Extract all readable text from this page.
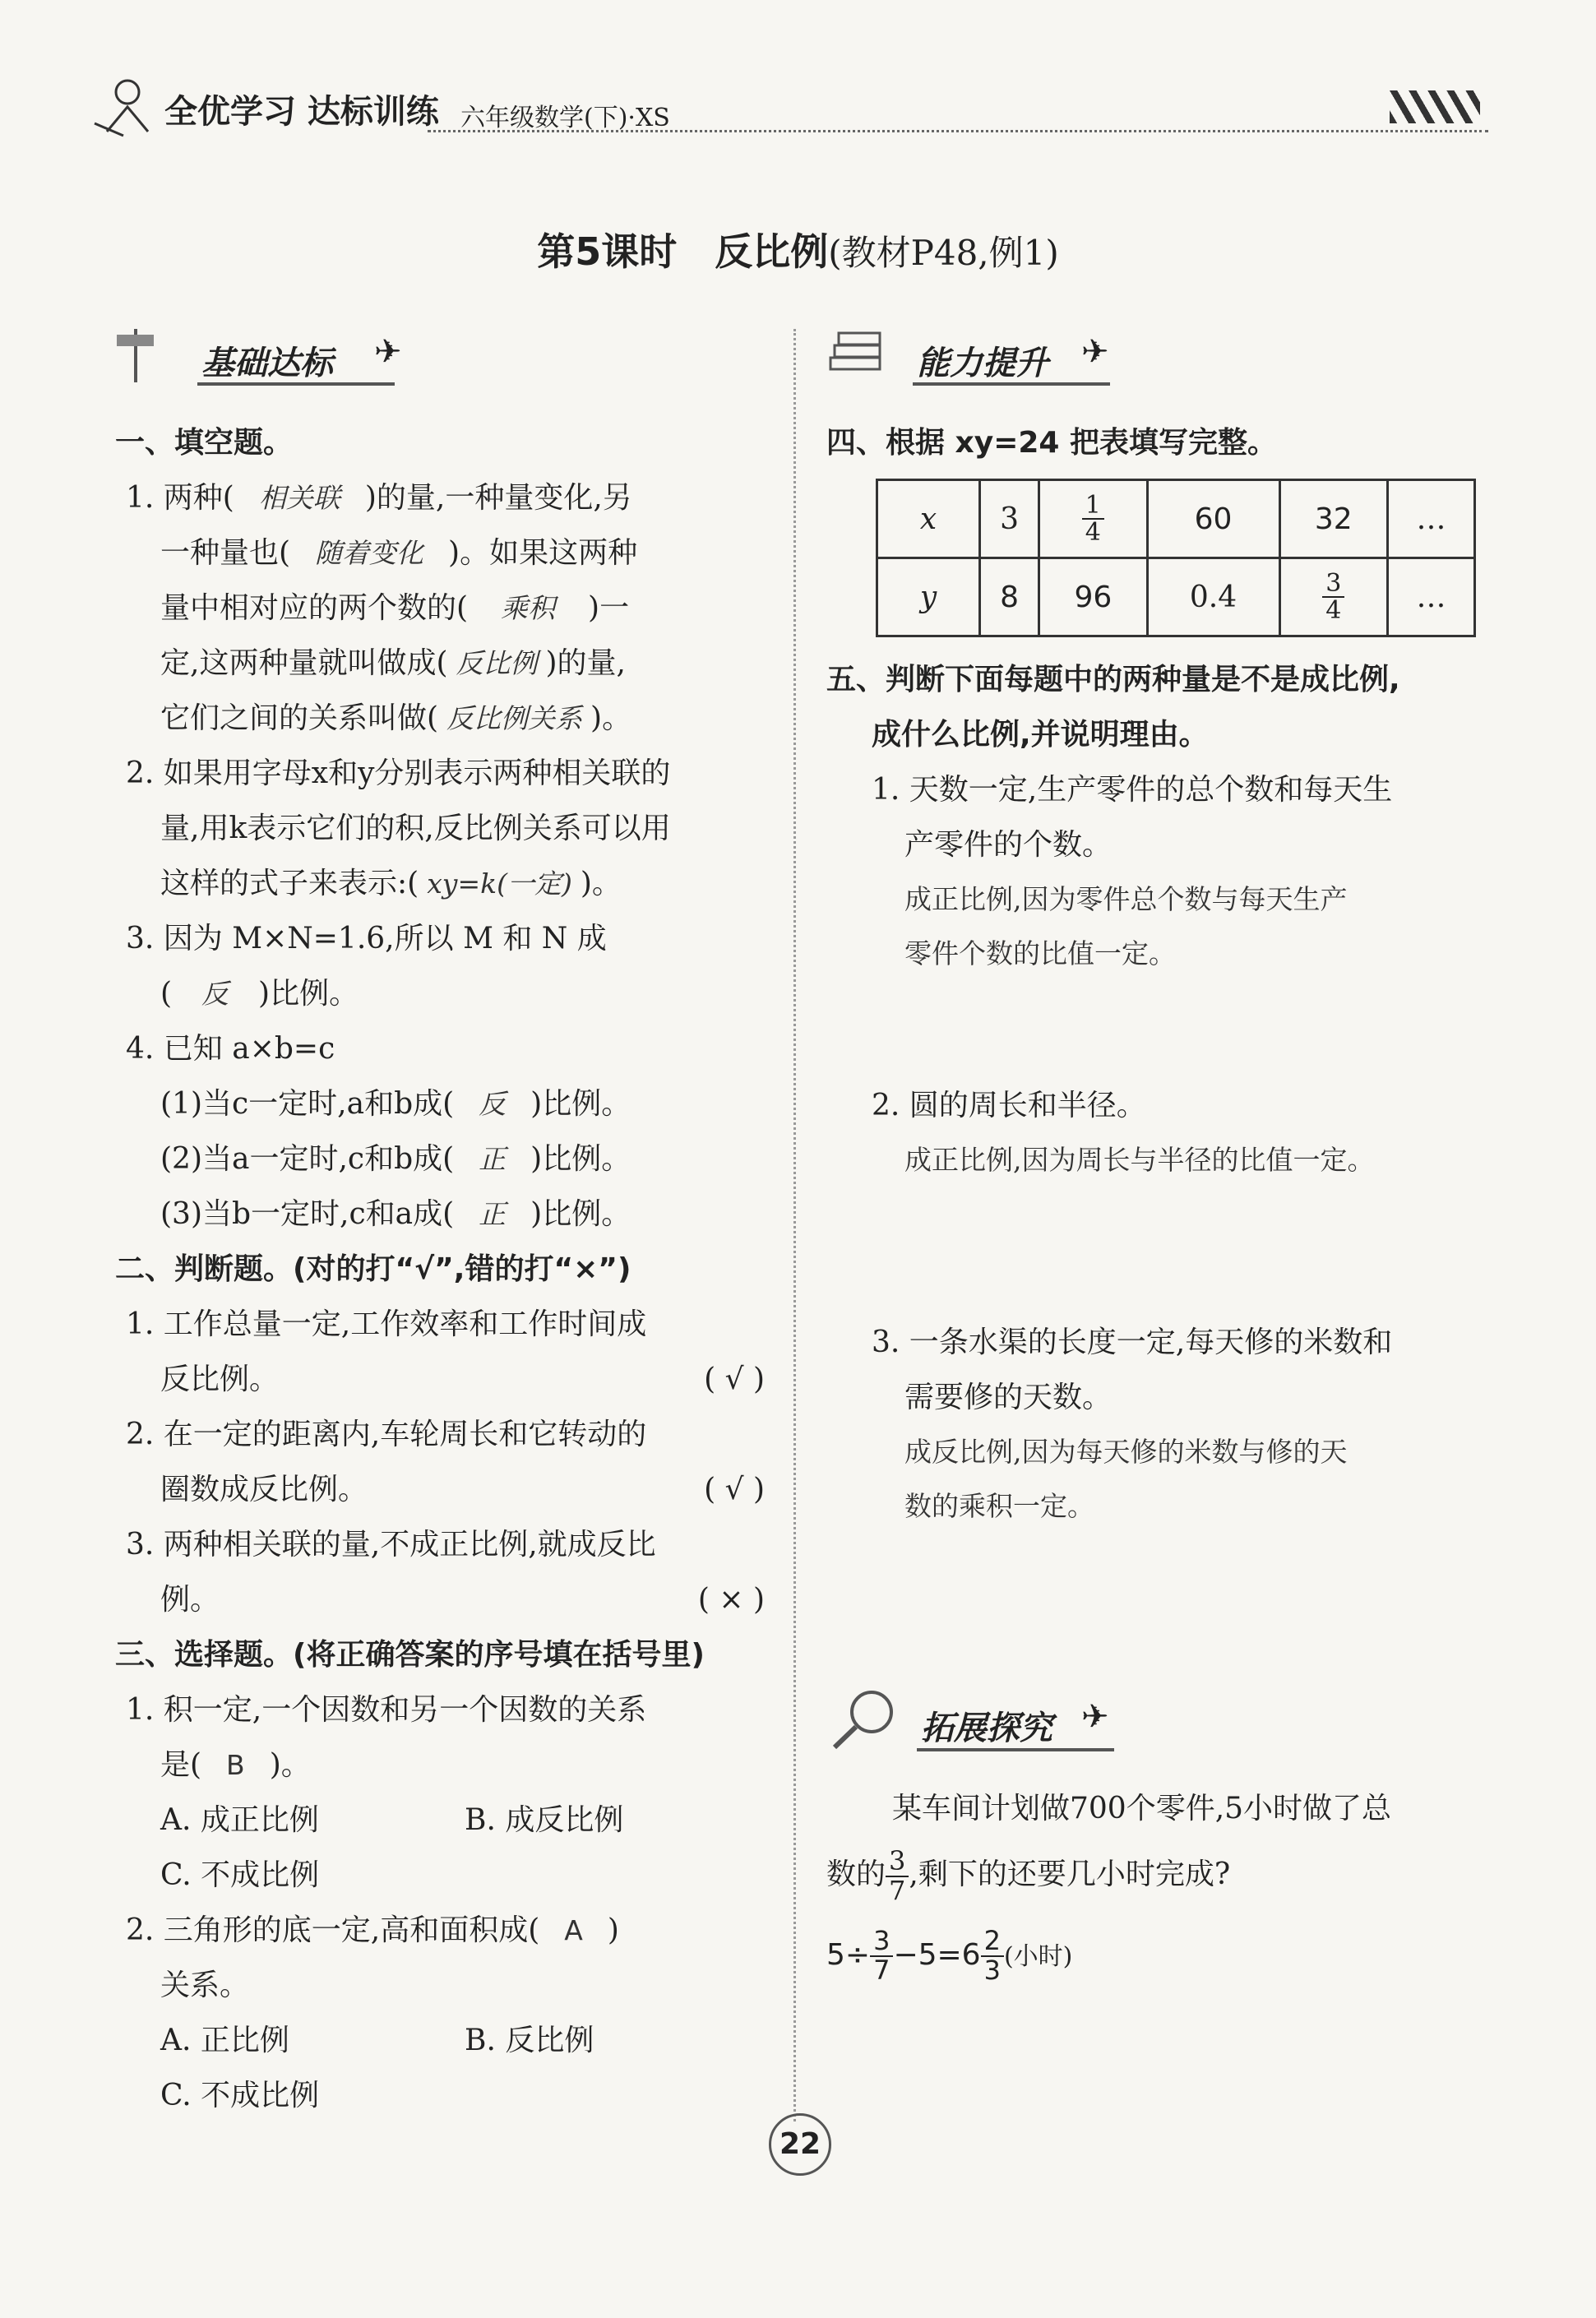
全优学习 达标训练 六年级数学(下)·XS
第5课时　反比例(教材P48,例1)
基础达标 ✈
一、填空题。
1. 两种( 相关联 )的量,一种量变化,另
一种量也( 随着变化 )。如果这两种
量中相对应的两个数的( 乘积 )一
定,这两种量就叫做成( 反比例 )的量,
它们之间的关系叫做( 反比例关系 )。
2. 如果用字母x和y分别表示两种相关联的
量,用k表示它们的积,反比例关系可以用
这样的式子来表示:( xy=k(一定) )。
3. 因为 M×N=1.6,所以 M 和 N 成
( 反 )比例。
4. 已知 a×b=c
(1)当c一定时,a和b成( 反 )比例。
(2)当a一定时,c和b成( 正 )比例。
(3)当b一定时,c和a成( 正 )比例。
二、判断题。(对的打“√”,错的打“×”)
1. 工作总量一定,工作效率和工作时间成
反比例。	( √ )
2. 在一定的距离内,车轮周长和它转动的
圈数成反比例。	( √ )
3. 两种相关联的量,不成正比例,就成反比
例。	( × )
三、选择题。(将正确答案的序号填在括号里)
1. 积一定,一个因数和另一个因数的关系
是( B )。
A. 成正比例	B. 成反比例
C. 不成比例
2. 三角形的底一定,高和面积成( A )
关系。
A. 正比例	B. 反比例
C. 不成比例
能力提升 ✈
四、根据 xy=24 把表填写完整。
x	3	$\frac{1}{4}$	60	32	…
y	8	96	0.4	$\frac{3}{4}$	…
五、判断下面每题中的两种量是不是成比例,
成什么比例,并说明理由。
1. 天数一定,生产零件的总个数和每天生
产零件的个数。
成正比例,因为零件总个数与每天生产
零件个数的比值一定。
2. 圆的周长和半径。
成正比例,因为周长与半径的比值一定。
3. 一条水渠的长度一定,每天修的米数和
需要修的天数。
成反比例,因为每天修的米数与修的天
数的乘积一定。
拓展探究 ✈
某车间计划做700个零件,5小时做了总
数的 $\frac{3}{7}$ ,剩下的还要几小时完成?
$5\div \frac{3}{7} -5=6 \frac{2}{3}$ (小时)
22
